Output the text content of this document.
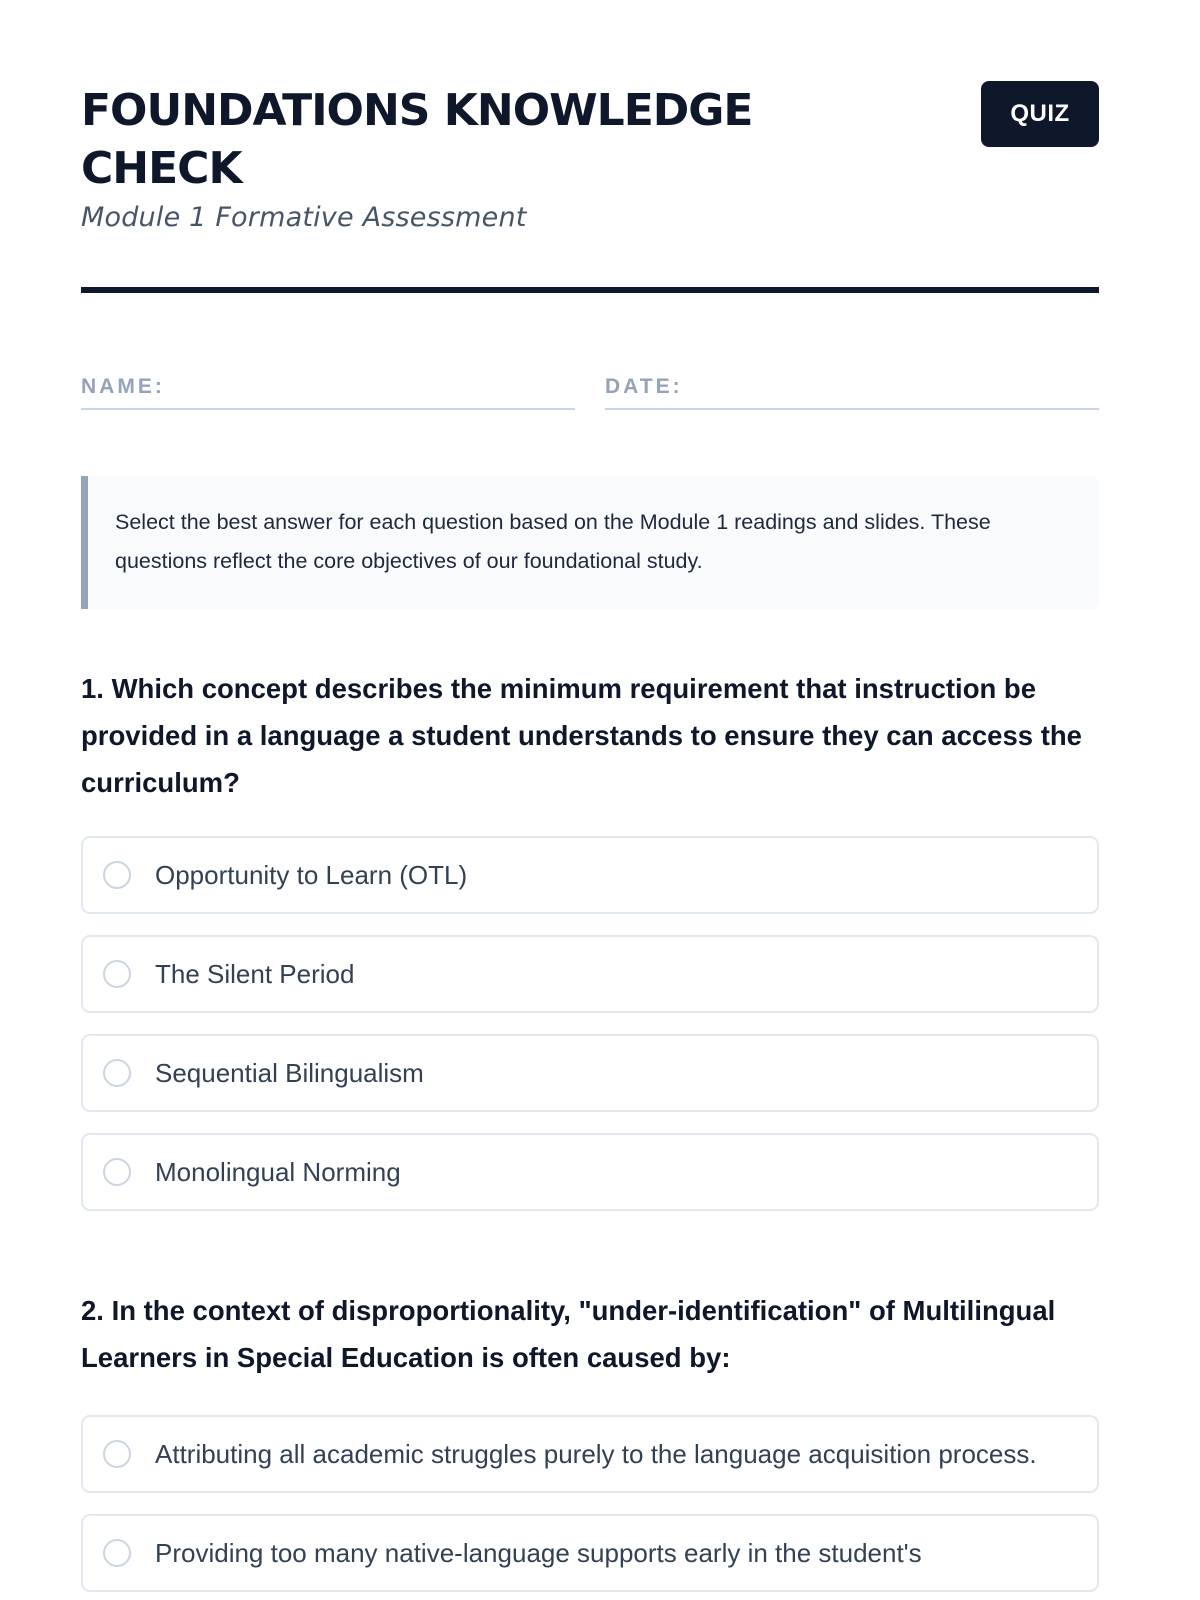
FOUNDATIONS KNOWLEDGE CHECK
Module 1 Formative Assessment
QUIZ
NAME:	DATE:
Select the best answer for each question based on the Module 1 readings and slides. These questions reflect the core objectives of our foundational study.

1. Which concept describes the minimum requirement that instruction be provided in a language a student understands to ensure they can access the curriculum?

Opportunity to Learn (OTL)
The Silent Period
Sequential Bilingualism
Monolingual Norming

2. In the context of disproportionality, "under-identification" of Multilingual Learners in Special Education is often caused by:

Attributing all academic struggles purely to the language acquisition process.
Providing too many native-language supports early in the student's
